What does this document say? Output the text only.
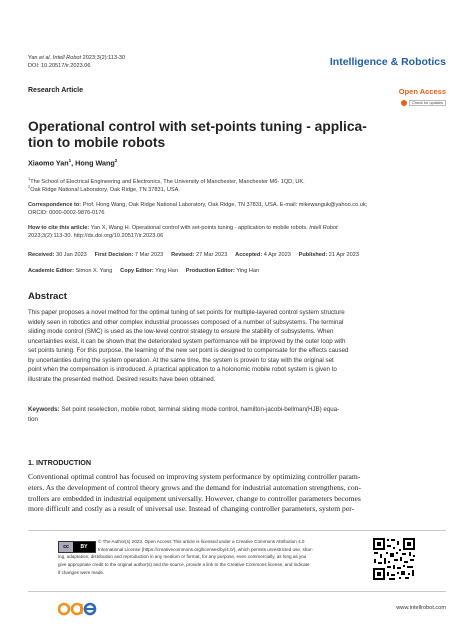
Yan et al. Intell Robot 2023;3(2):113-30
DOI: 10.20517/ir.2023.06	Intelligence & Robotics
Research Article	Open Access
Check for updates
Operational control with set-points tuning - applica-
tion to mobile robots
Xiaomo Yan$^1$, Hong Wang$^2$
$^1$The School of Electrical Engineering and Electronics, The University of Manchester, Manchester M6- 1QD, UK.
$^2$Oak Ridge National Laboratory, Oak Ridge, TN 37831, USA.
Correspondence to: Prof. Hong Wang, Oak Ridge National Laboratory, Oak Ridge, TN 37831, USA. E-mail: mikewanguk@yahoo.co.uk;
ORCID: 0000-0002-9876-0176
How to cite this article: Yan X, Wang H. Operational control with set-points tuning - application to mobile robots. Intell Robot
2023;3(2):113-30. http://dx.doi.org/10.20517/ir.2023.06
Received: 30 Jan 2023 First Decision: 7 Mar 2023 Revised: 27 Mar 2023 Accepted: 4 Apr 2023 Published: 21 Apr 2023
Academic Editor: Simon X. Yang Copy Editor: Ying Han Production Editor: Ying Han
Abstract
This paper proposes a novel method for the optimal tuning of set points for multiple-layered control system structure
widely seen in robotics and other complex industrial processes composed of a number of subsystems. The terminal
sliding mode control (SMC) is used as the low-level control strategy to ensure the stability of subsystems. When
uncertainties exist, it can be shown that the deteriorated system performance will be improved by the outer loop with
set points tuning. For this purpose, the learning of the new set point is designed to compensate for the effects caused
by uncertainties during the system operation. At the same time, the system is proven to stay with the original set
point when the compensation is introduced. A practical application to a holonomic mobile robot system is given to
illustrate the presented method. Desired results have been obtained.
Keywords: Set point reselection, mobile robot, terminal sliding mode control, hamilton-jacobi-bellman(HJB) equa-
tion
1. INTRODUCTION
Conventional optimal control has focused on improving system performance by optimizing controller param-
eters. As the development of control theory grows and the demand for industrial automation strengthens, con-
trollers are embedded in industrial equipment universally. However, change to controller parameters becomes
more difficult and costly as a result of universal use. Instead of changing controller parameters, system per-
cc	BY
© The Author(s) 2023. Open Access This article is licensed under a Creative Commons Attribution 4.0
International License (https://creativecommons.org/licenses/by/4.0/), which permits unrestricted use, shar-
ing, adaptation, distribution and reproduction in any medium or format, for any purpose, even commercially, as long as you
give appropriate credit to the original author(s) and the source, provide a link to the Creative Commons license, and indicate
if changes were made.
www.intellrobot.com
